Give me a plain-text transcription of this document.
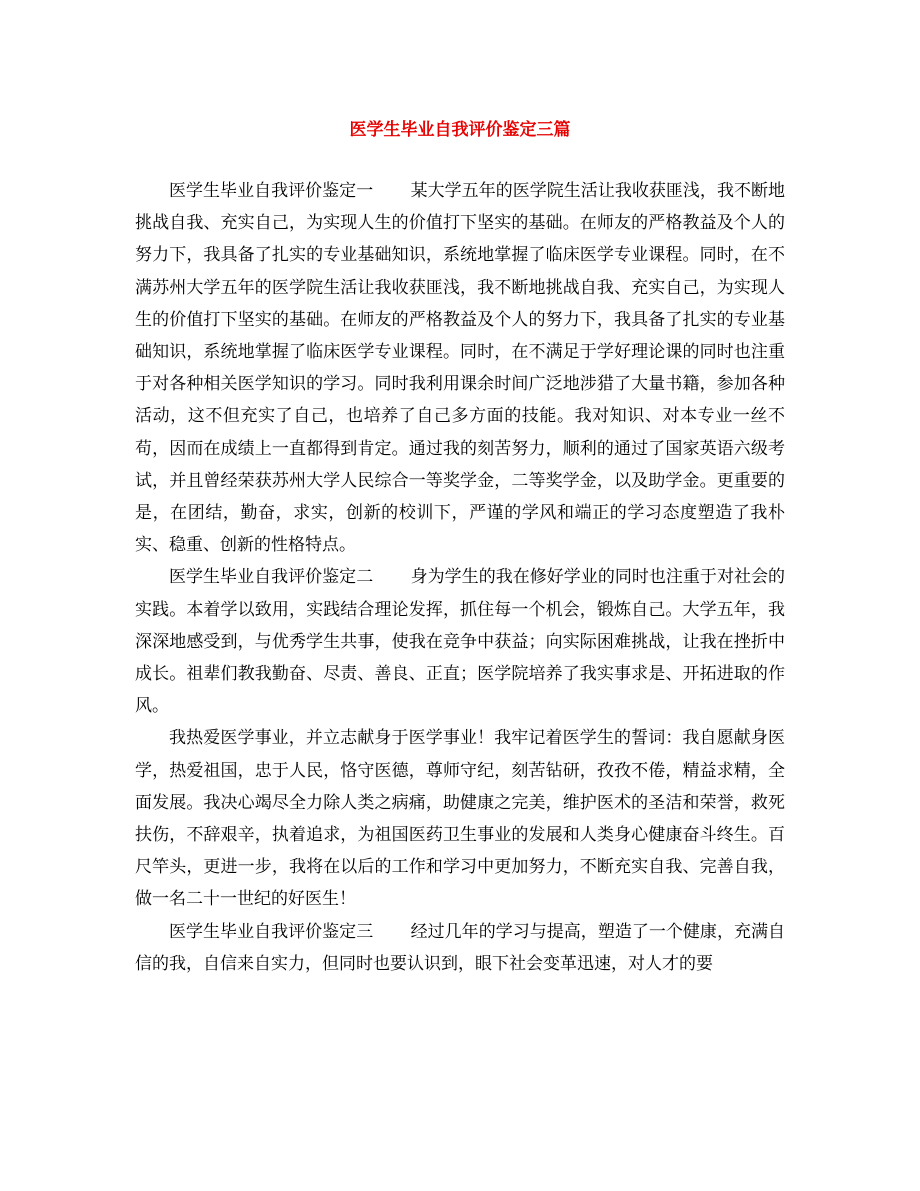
医学生毕业自我评价鉴定三篇

医学生毕业自我评价鉴定一 某大学五年的医学院生活让我收获匪浅，我不断地挑战自我、充实自己，为实现人生的价值打下坚实的基础。在师友的严格教益及个人的努力下，我具备了扎实的专业基础知识，系统地掌握了临床医学专业课程。同时，在不满苏州大学五年的医学院生活让我收获匪浅，我不断地挑战自我、充实自己，为实现人生的价值打下坚实的基础。在师友的严格教益及个人的努力下，我具备了扎实的专业基础知识，系统地掌握了临床医学专业课程。同时，在不满足于学好理论课的同时也注重于对各种相关医学知识的学习。同时我利用课余时间广泛地涉猎了大量书籍，参加各种活动，这不但充实了自己，也培养了自己多方面的技能。我对知识、对本专业一丝不苟，因而在成绩上一直都得到肯定。通过我的刻苦努力，顺利的通过了国家英语六级考试，并且曾经荣获苏州大学人民综合一等奖学金，二等奖学金，以及助学金。更重要的是，在团结，勤奋，求实，创新的校训下，严谨的学风和端正的学习态度塑造了我朴实、稳重、创新的性格特点。

医学生毕业自我评价鉴定二 身为学生的我在修好学业的同时也注重于对社会的实践。本着学以致用，实践结合理论发挥，抓住每一个机会，锻炼自己。大学五年，我深深地感受到，与优秀学生共事，使我在竞争中获益；向实际困难挑战，让我在挫折中成长。祖辈们教我勤奋、尽责、善良、正直；医学院培养了我实事求是、开拓进取的作风。

我热爱医学事业，并立志献身于医学事业！我牢记着医学生的誓词：我自愿献身医学，热爱祖国，忠于人民，恪守医德，尊师守纪，刻苦钻研，孜孜不倦，精益求精，全面发展。我决心竭尽全力除人类之病痛，助健康之完美，维护医术的圣洁和荣誉，救死扶伤，不辞艰辛，执着追求，为祖国医药卫生事业的发展和人类身心健康奋斗终生。百尺竿头，更进一步，我将在以后的工作和学习中更加努力，不断充实自我、完善自我，做一名二十一世纪的好医生！

医学生毕业自我评价鉴定三 经过几年的学习与提高，塑造了一个健康，充满自信的我，自信来自实力，但同时也要认识到，眼下社会变革迅速，对人才的要
